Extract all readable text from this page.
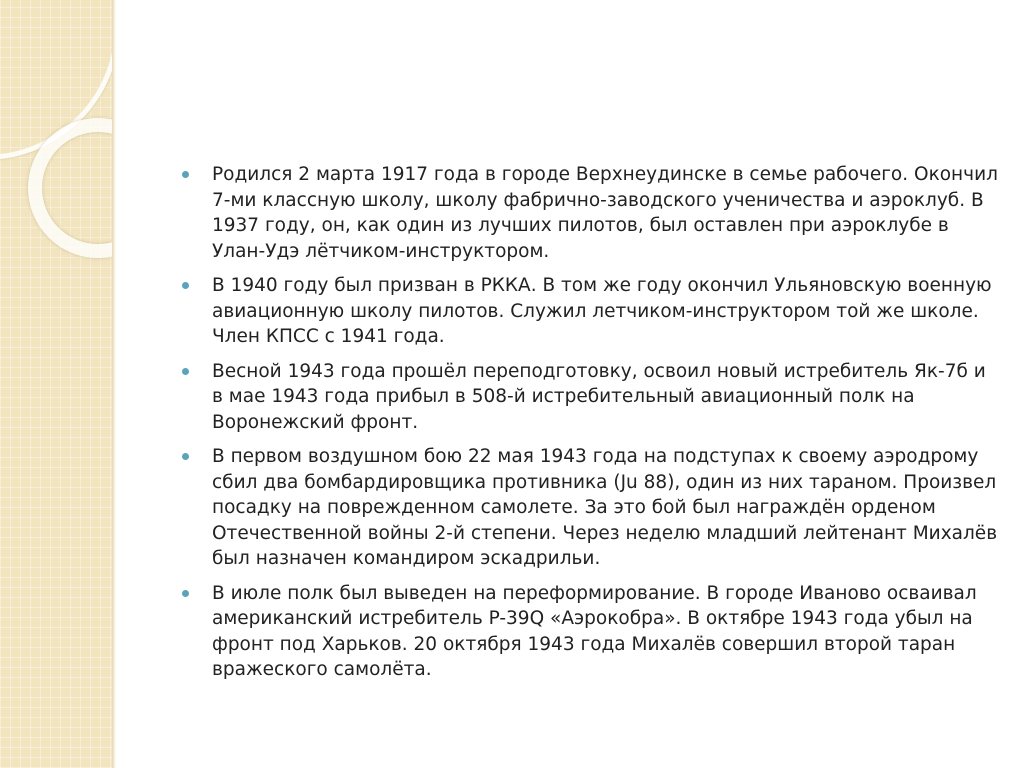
Родился 2 марта 1917 года в городе Верхнеудинске в семье рабочего. Окончил 7-ми классную школу, школу фабрично-заводского ученичества и аэроклуб. В 1937 году, он, как один из лучших пилотов, был оставлен при аэроклубе в Улан-Удэ лётчиком-инструктором.
В 1940 году был призван в РККА. В том же году окончил Ульяновскую военную авиационную школу пилотов. Служил летчиком-инструктором той же школе. Член КПСС с 1941 года.
Весной 1943 года прошёл переподготовку, освоил новый истребитель Як-7б и в мае 1943 года прибыл в 508-й истребительный авиационный полк на Воронежский фронт.
В первом воздушном бою 22 мая 1943 года на подступах к своему аэродрому сбил два бомбардировщика противника (Ju 88), один из них тараном. Произвел посадку на поврежденном самолете. За это бой был награждён орденом Отечественной войны 2-й степени. Через неделю младший лейтенант Михалёв был назначен командиром эскадрильи.
В июле полк был выведен на переформирование. В городе Иваново осваивал американский истребитель P-39Q «Аэрокобра». В октябре 1943 года убыл на фронт под Харьков. 20 октября 1943 года Михалёв совершил второй таран вражеского самолёта.
